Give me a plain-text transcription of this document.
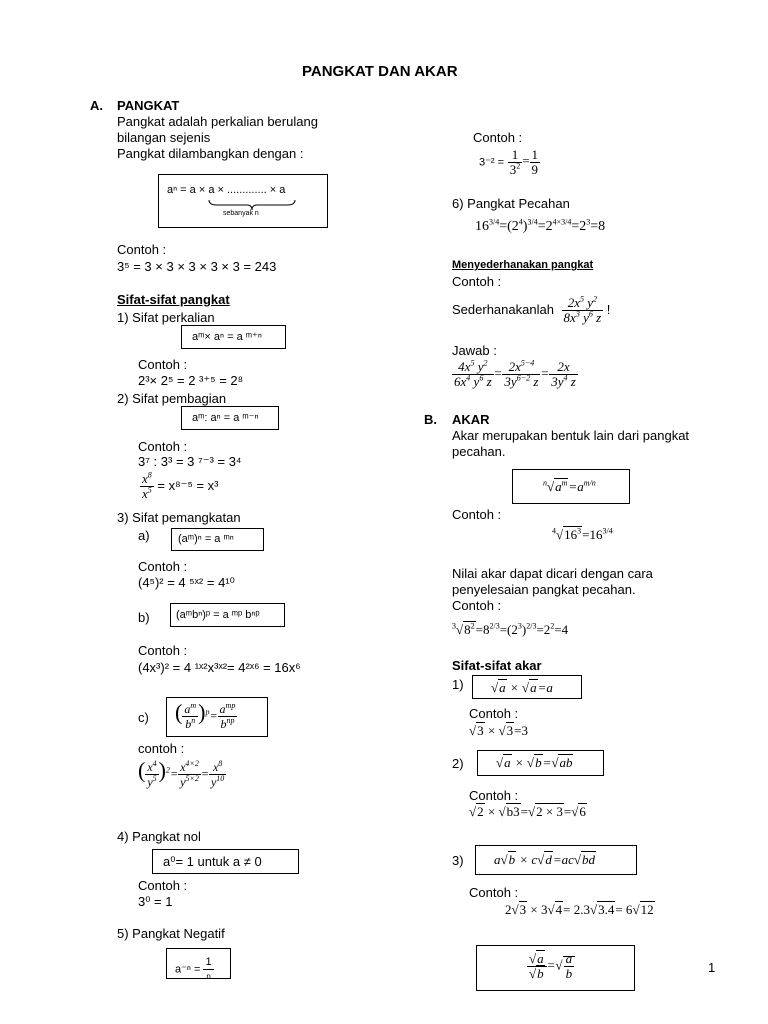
PANGKAT DAN AKAR
A. PANGKAT
Pangkat adalah perkalian berulang
bilangan sejenis
Pangkat dilambangkan dengan :
aⁿ = a × a × ............. × a
sebanyak n
Contoh :
3⁵ = 3 × 3 × 3 × 3 × 3 = 243
Sifat-sifat pangkat
1) Sifat perkalian
aᵐ× aⁿ = a ᵐ⁺ⁿ
Contoh :
2³× 2⁵ = 2 ³⁺⁵ = 2⁸
2) Sifat pembagian
aᵐ: aⁿ = a ᵐ⁻ⁿ
Contoh :
3⁷ : 3³ = 3 ⁷⁻³ = 3⁴
$\frac{x^8}{x^5} = x^{8-5} = x^3$
3) Sifat pemangkatan
a)	(aᵐ)ⁿ = a ᵐⁿ
Contoh :
(4⁵)² = 4 ⁵ˣ² = 4¹⁰
b) (aᵐbⁿ)ᵖ = a ᵐᵖ bⁿᵖ
Contoh :
(4x³)² = 4 ¹ˣ²x³ˣ²= 4²ˣ⁶ = 16x⁶
c) ( $\frac{a^m}{b^n} )^p= a^{mp}$
$b^{np}$
contoh :
( $\frac{x^4}{y^5} )^2= \frac{x^{4\times 2}}{y^{5\times 2}} = \frac{x^8}{y^{10}}$
4) Pangkat nol
a⁰= 1 untuk a ≠ 0
Contoh :
3⁰ = 1
5) Pangkat Negatif
a⁻ⁿ =
1
n
Contoh :
$3^{-2} = \frac{1}{3^2} = \frac{1}{9}$
6) Pangkat Pecahan
$16^{3/4}=(2^4)^{3/4}=2^{4\times 3/4}=2^3=8$
Menyederhanakan pangkat
Contoh :
Sederhanakanlah $\frac{2x^5 y^2}{8x^3 y^6 z}$ !
Jawab :
$\frac{4x^5 y^2}{6x^4 y^6 z} = \frac{2x^{5-4}}{3y^{6-2} z} = \frac{2x}{3y^4 z}$
B. AKAR
Akar merupakan bentuk lain dari pangkat
pecahan.
$^n√a^m=a^{m/n}$
Contoh :
$^4√16^3=16^{3/4}$
Nilai akar dapat dicari dengan cara
penyelesaian pangkat pecahan.
Contoh :
$^3√8^2=8^{2/3}=(2^3)^{2/3}=2^2=4$
Sifat-sifat akar
1) √a × √a=a
Contoh :
√3 × √3=3
2) √a × √b=√ab
Contoh :
√2 × √b3=√2 × 3=√6
3) a√b × c√d=ac√bd
Contoh :
2√3 × 3√4= 2.3√3.4= 6√12
$\frac{√a}{√b}$ =√ $\frac{a}{b}$	1
